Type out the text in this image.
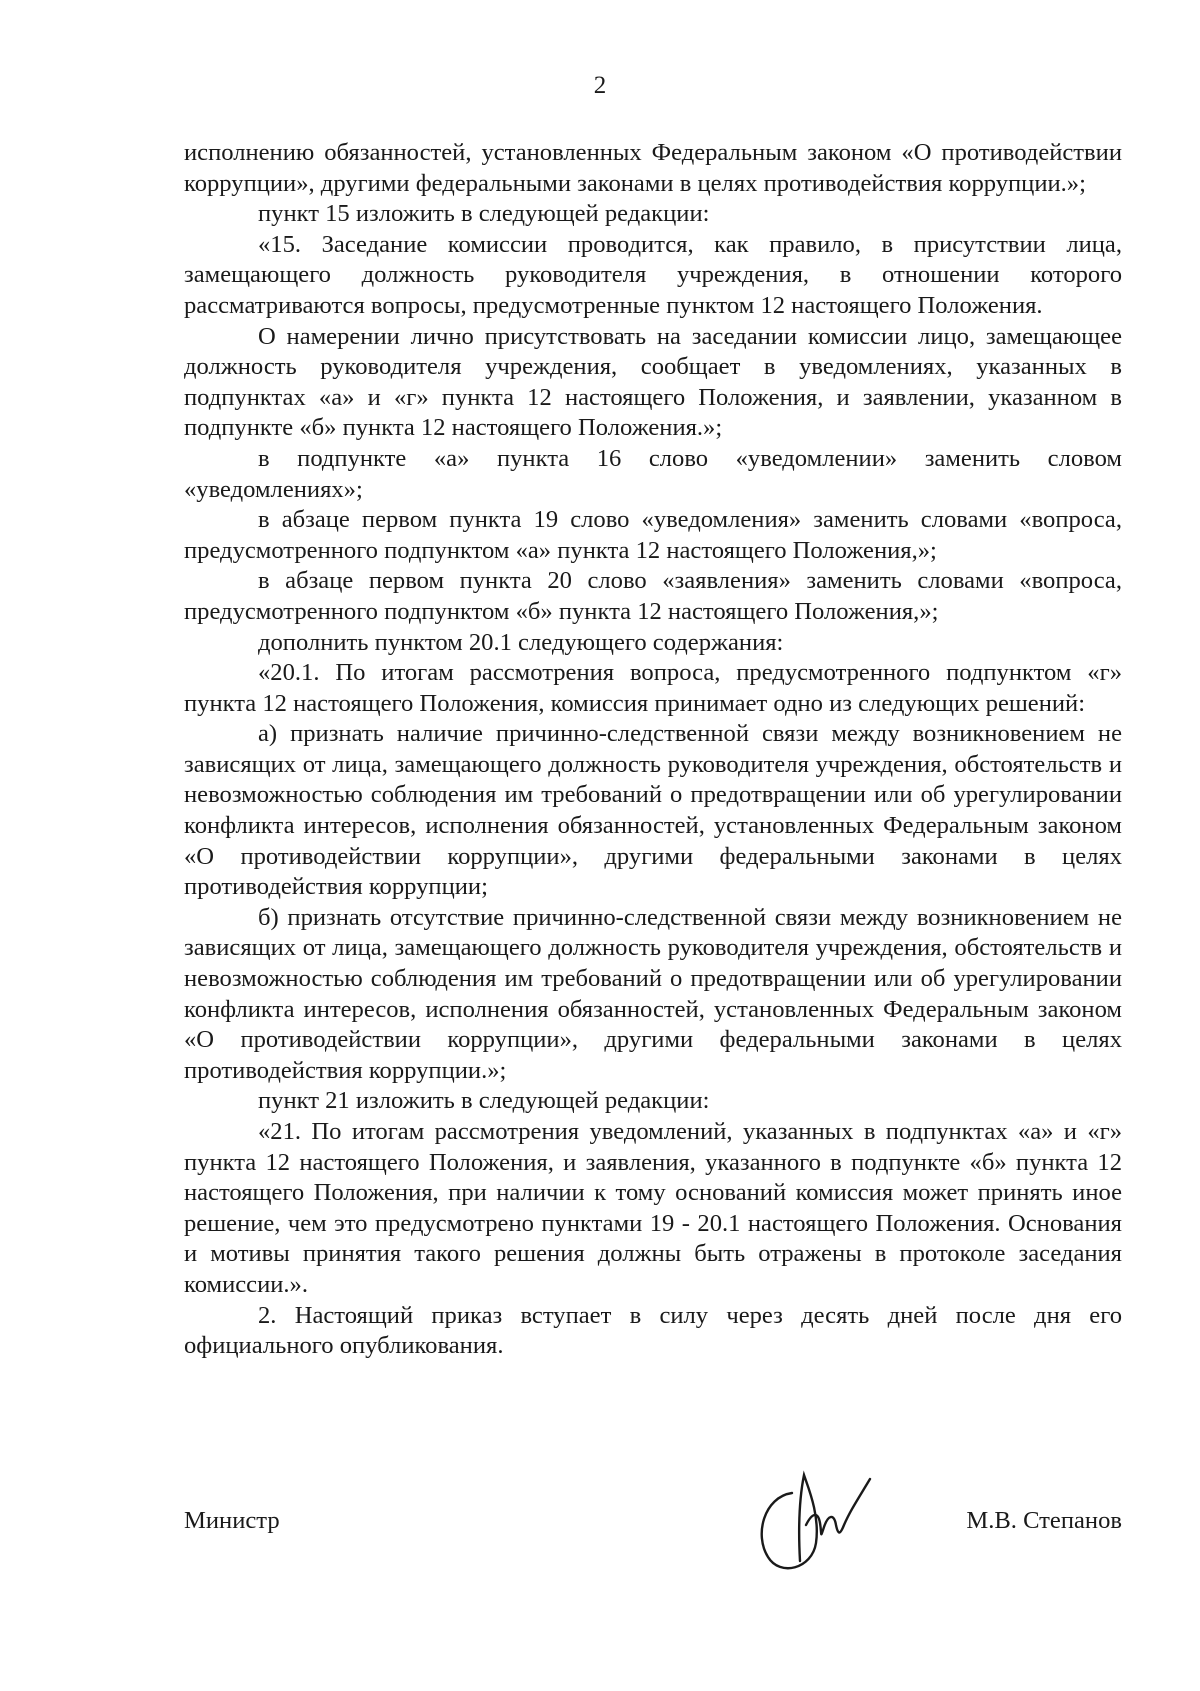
2

исполнению обязанностей, установленных Федеральным законом «О противодействии коррупции», другими федеральными законами в целях противодействия коррупции.»;

пункт 15 изложить в следующей редакции:

«15. Заседание комиссии проводится, как правило, в присутствии лица, замещающего должность руководителя учреждения, в отношении которого рассматриваются вопросы, предусмотренные пунктом 12 настоящего Положения.

О намерении лично присутствовать на заседании комиссии лицо, замещающее должность руководителя учреждения, сообщает в уведомлениях, указанных в подпунктах «а» и «г» пункта 12 настоящего Положения, и заявлении, указанном в подпункте «б» пункта 12 настоящего Положения.»;

в подпункте «а» пункта 16 слово «уведомлении» заменить словом «уведомлениях»;

в абзаце первом пункта 19 слово «уведомления» заменить словами «вопроса, предусмотренного подпунктом «а» пункта 12 настоящего Положения,»;

в абзаце первом пункта 20 слово «заявления» заменить словами «вопроса, предусмотренного подпунктом «б» пункта 12 настоящего Положения,»;

дополнить пунктом 20.1 следующего содержания:

«20.1. По итогам рассмотрения вопроса, предусмотренного подпунктом «г» пункта 12 настоящего Положения, комиссия принимает одно из следующих решений:

а) признать наличие причинно-следственной связи между возникновением не зависящих от лица, замещающего должность руководителя учреждения, обстоятельств и невозможностью соблюдения им требований о предотвращении или об урегулировании конфликта интересов, исполнения обязанностей, установленных Федеральным законом «О противодействии коррупции», другими федеральными законами в целях противодействия коррупции;

б) признать отсутствие причинно-следственной связи между возникновением не зависящих от лица, замещающего должность руководителя учреждения, обстоятельств и невозможностью соблюдения им требований о предотвращении или об урегулировании конфликта интересов, исполнения обязанностей, установленных Федеральным законом «О противодействии коррупции», другими федеральными законами в целях противодействия коррупции.»;

пункт 21 изложить в следующей редакции:

«21. По итогам рассмотрения уведомлений, указанных в подпунктах «а» и «г» пункта 12 настоящего Положения, и заявления, указанного в подпункте «б» пункта 12 настоящего Положения, при наличии к тому оснований комиссия может принять иное решение, чем это предусмотрено пунктами 19 - 20.1 настоящего Положения. Основания и мотивы принятия такого решения должны быть отражены в протоколе заседания комиссии.».

2. Настоящий приказ вступает в силу через десять дней после дня его официального опубликования.

Министр	М.В. Степанов
